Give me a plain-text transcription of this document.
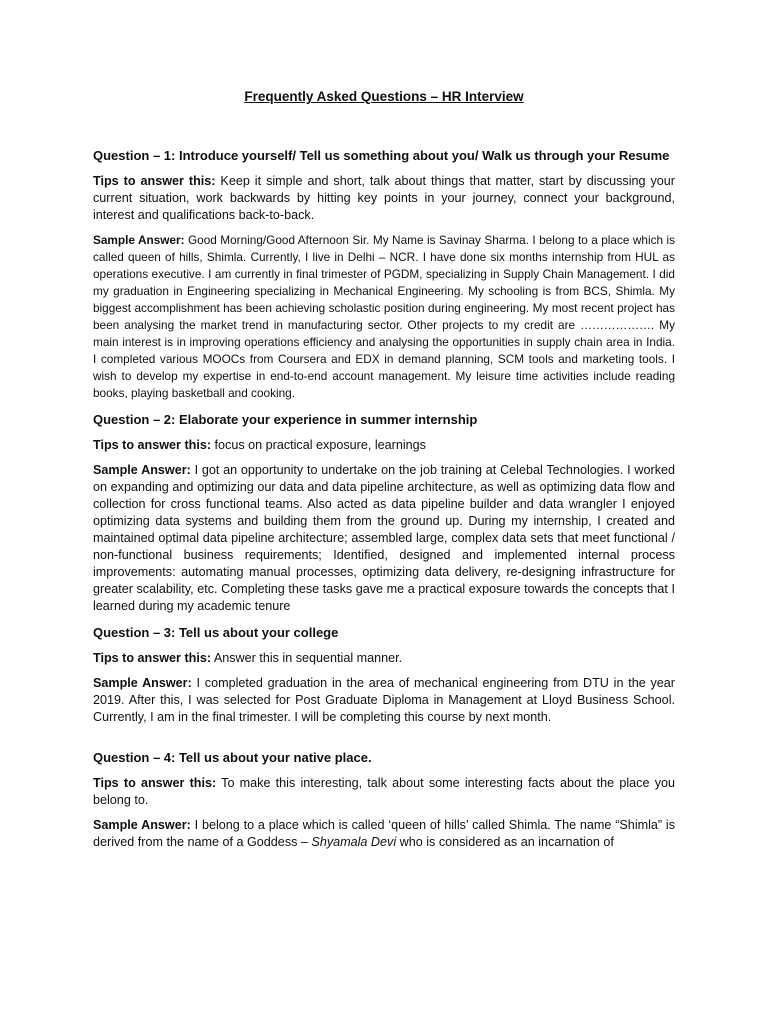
Frequently Asked Questions – HR Interview
Question – 1: Introduce yourself/ Tell us something about you/ Walk us through your Resume

Tips to answer this: Keep it simple and short, talk about things that matter, start by discussing your current situation, work backwards by hitting key points in your journey, connect your background, interest and qualifications back-to-back.

Sample Answer: Good Morning/Good Afternoon Sir. My Name is Savinay Sharma. I belong to a place which is called queen of hills, Shimla. Currently, I live in Delhi – NCR. I have done six months internship from HUL as operations executive. I am currently in final trimester of PGDM, specializing in Supply Chain Management. I did my graduation in Engineering specializing in Mechanical Engineering. My schooling is from BCS, Shimla. My biggest accomplishment has been achieving scholastic position during engineering. My most recent project has been analysing the market trend in manufacturing sector. Other projects to my credit are ………………. My main interest is in improving operations efficiency and analysing the opportunities in supply chain area in India. I completed various MOOCs from Coursera and EDX in demand planning, SCM tools and marketing tools. I wish to develop my expertise in end-to-end account management. My leisure time activities include reading books, playing basketball and cooking.

Question – 2: Elaborate your experience in summer internship

Tips to answer this: focus on practical exposure, learnings

Sample Answer: I got an opportunity to undertake on the job training at Celebal Technologies. I worked on expanding and optimizing our data and data pipeline architecture, as well as optimizing data flow and collection for cross functional teams. Also acted as data pipeline builder and data wrangler I enjoyed optimizing data systems and building them from the ground up. During my internship, I created and maintained optimal data pipeline architecture; assembled large, complex data sets that meet functional / non-functional business requirements; Identified, designed and implemented internal process improvements: automating manual processes, optimizing data delivery, re-designing infrastructure for greater scalability, etc. Completing these tasks gave me a practical exposure towards the concepts that I learned during my academic tenure

Question – 3: Tell us about your college

Tips to answer this: Answer this in sequential manner.

Sample Answer: I completed graduation in the area of mechanical engineering from DTU in the year 2019. After this, I was selected for Post Graduate Diploma in Management at Lloyd Business School. Currently, I am in the final trimester. I will be completing this course by next month.

Question – 4: Tell us about your native place.

Tips to answer this: To make this interesting, talk about some interesting facts about the place you belong to.

Sample Answer: I belong to a place which is called ‘queen of hills’ called Shimla. The name “Shimla” is derived from the name of a Goddess – Shyamala Devi who is considered as an incarnation of
